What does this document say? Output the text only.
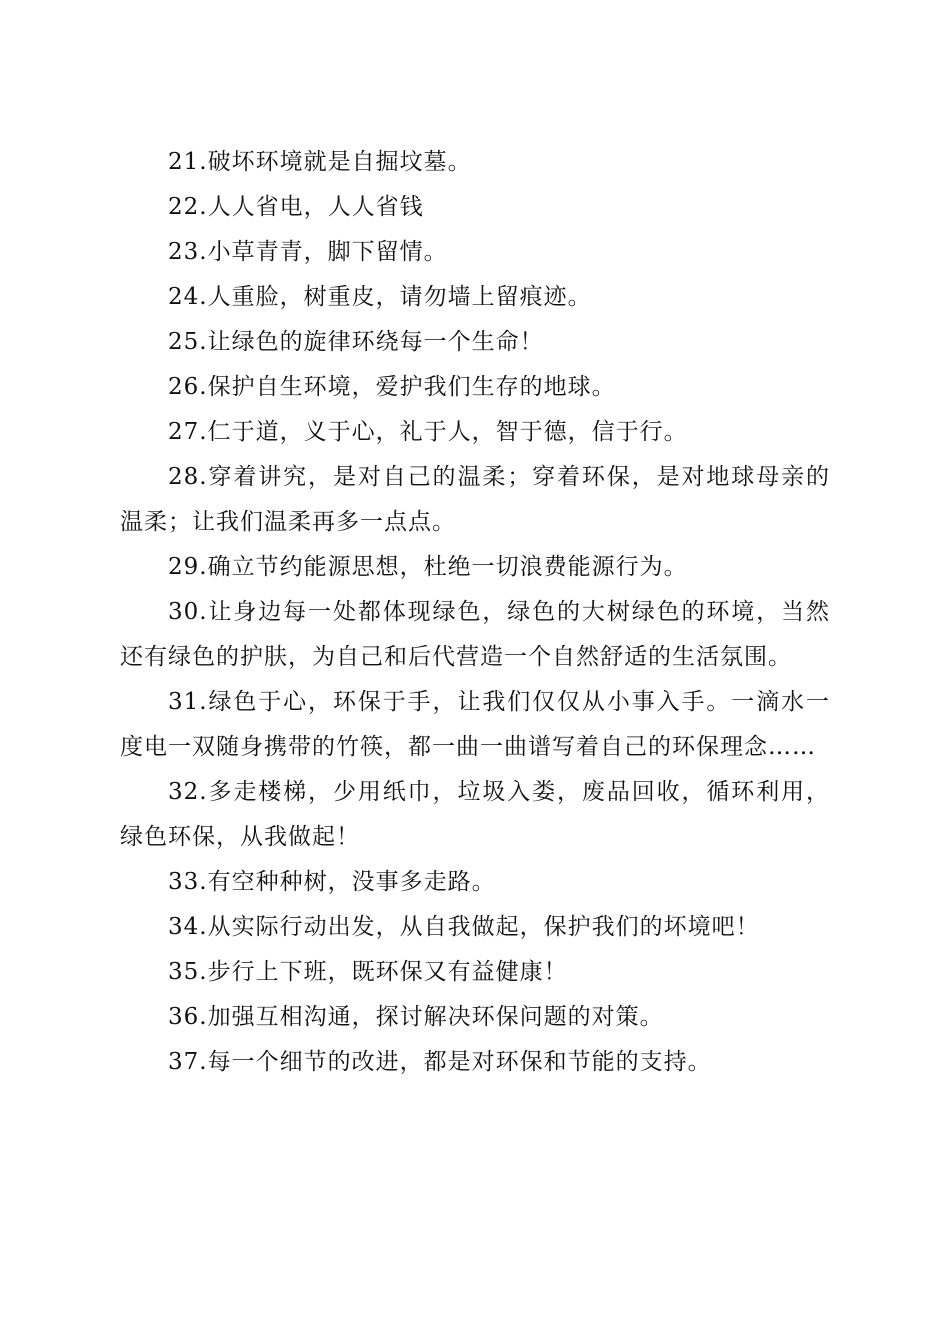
21.破坏环境就是自掘坟墓。

22.人人省电，人人省钱

23.小草青青，脚下留情。

24.人重脸，树重皮，请勿墙上留痕迹。

25.让绿色的旋律环绕每一个生命！

26.保护自生环境，爱护我们生存的地球。

27.仁于道，义于心，礼于人，智于德，信于行。

28.穿着讲究，是对自己的温柔；穿着环保，是对地球母亲的温柔；让我们温柔再多一点点。

29.确立节约能源思想，杜绝一切浪费能源行为。

30.让身边每一处都体现绿色，绿色的大树绿色的环境，当然还有绿色的护肤，为自己和后代营造一个自然舒适的生活氛围。

31.绿色于心，环保于手，让我们仅仅从小事入手。一滴水一度电一双随身携带的竹筷，都一曲一曲谱写着自己的环保理念……

32.多走楼梯，少用纸巾，垃圾入娄，废品回收，循环利用，绿色环保，从我做起！

33.有空种种树，没事多走路。

34.从实际行动出发，从自我做起，保护我们的坏境吧！

35.步行上下班，既环保又有益健康！

36.加强互相沟通，探讨解决环保问题的对策。

37.每一个细节的改进，都是对环保和节能的支持。
